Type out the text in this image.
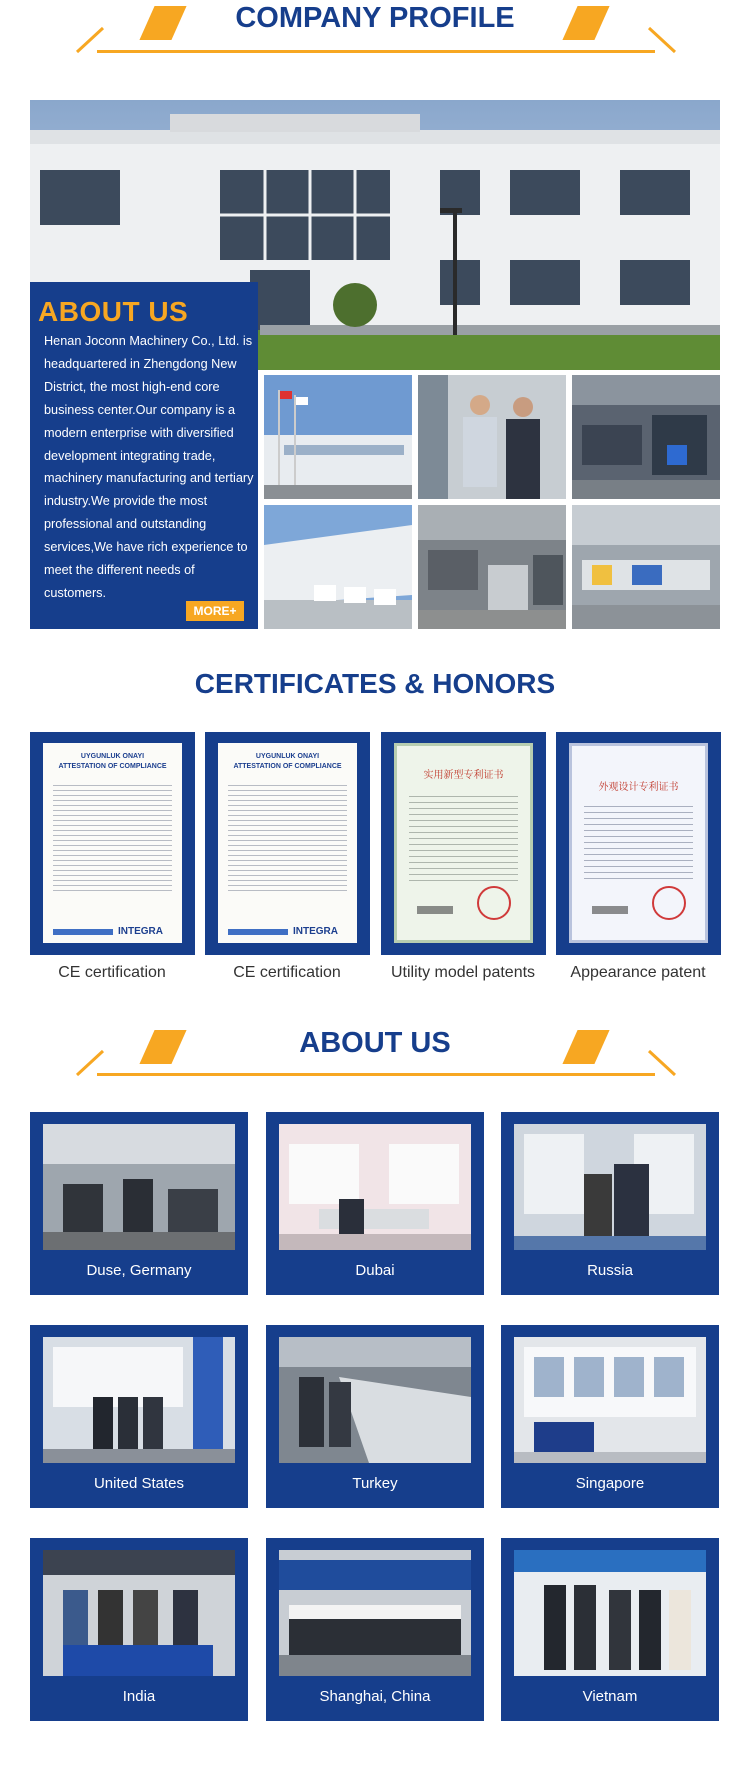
COMPANY PROFILE
ABOUT US
Henan Joconn Machinery Co., Ltd. is headquartered in Zhengdong New District, the most high-end core business center.Our company is a modern enterprise with diversified development integrating trade, machinery manufacturing and tertiary industry.We provide the most professional and outstanding services,We have rich experience to meet the different needs of customers.
MORE+
CERTIFICATES & HONORS
UYGUNLUK ONAYI
ATTESTATION OF COMPLIANCE
INTEGRA
UYGUNLUK ONAYI
ATTESTATION OF COMPLIANCE
INTEGRA
实用新型专利证书
外观设计专利证书
CE certification	CE certification	Utility model patents	Appearance patent
ABOUT US
Duse, Germany	Dubai	Russia
United States	Turkey	Singapore
India	Shanghai, China	Vietnam
